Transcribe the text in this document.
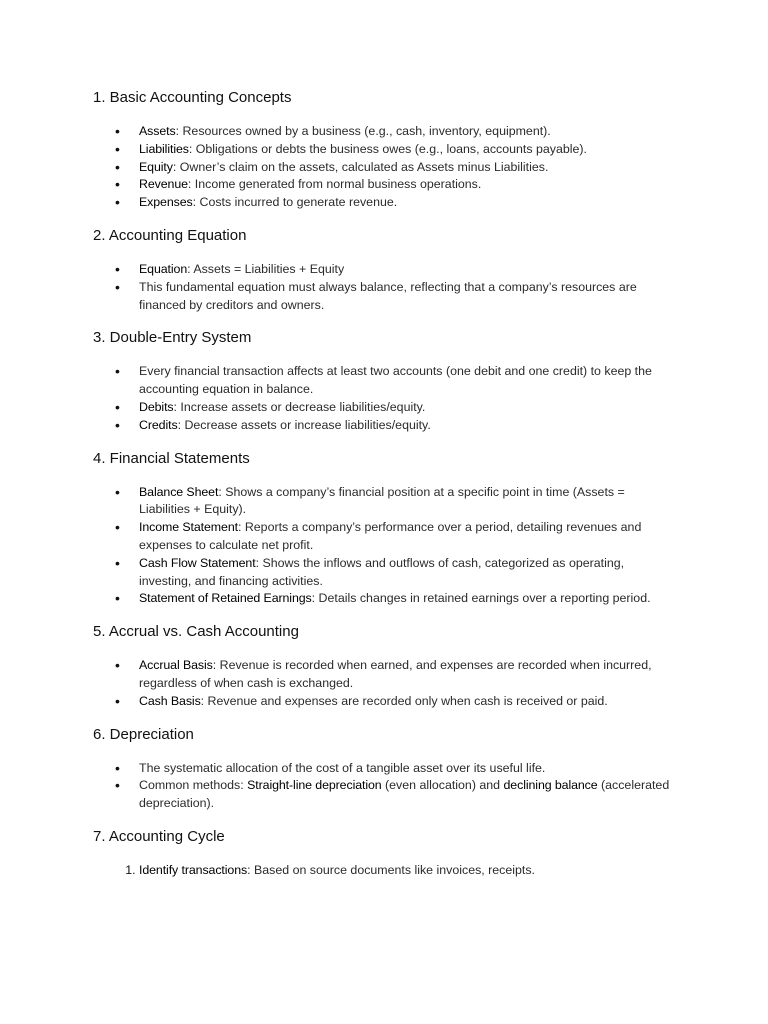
1. Basic Accounting Concepts
• Assets: Resources owned by a business (e.g., cash, inventory, equipment).
• Liabilities: Obligations or debts the business owes (e.g., loans, accounts payable).
• Equity: Owner’s claim on the assets, calculated as Assets minus Liabilities.
• Revenue: Income generated from normal business operations.
• Expenses: Costs incurred to generate revenue.
2. Accounting Equation
• Equation: Assets = Liabilities + Equity
• This fundamental equation must always balance, reflecting that a company’s resources are financed by creditors and owners.
3. Double-Entry System
• Every financial transaction affects at least two accounts (one debit and one credit) to keep the accounting equation in balance.
• Debits: Increase assets or decrease liabilities/equity.
• Credits: Decrease assets or increase liabilities/equity.
4. Financial Statements
• Balance Sheet: Shows a company’s financial position at a specific point in time (Assets = Liabilities + Equity).
• Income Statement: Reports a company’s performance over a period, detailing revenues and expenses to calculate net profit.
• Cash Flow Statement: Shows the inflows and outflows of cash, categorized as operating, investing, and financing activities.
• Statement of Retained Earnings: Details changes in retained earnings over a reporting period.
5. Accrual vs. Cash Accounting
• Accrual Basis: Revenue is recorded when earned, and expenses are recorded when incurred, regardless of when cash is exchanged.
• Cash Basis: Revenue and expenses are recorded only when cash is received or paid.
6. Depreciation
• The systematic allocation of the cost of a tangible asset over its useful life.
• Common methods: Straight-line depreciation (even allocation) and declining balance (accelerated depreciation).
7. Accounting Cycle
1. Identify transactions: Based on source documents like invoices, receipts.
